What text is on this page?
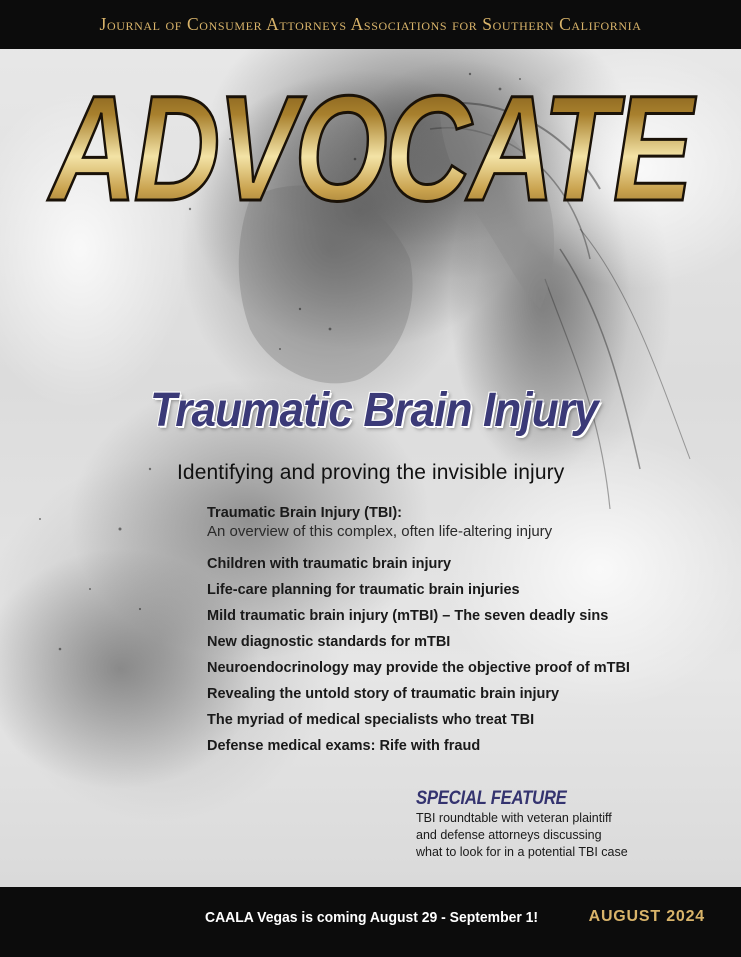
Journal of Consumer Attorneys Associations for Southern California
ADVOCATE
Traumatic Brain Injury
Identifying and proving the invisible injury
Traumatic Brain Injury (TBI):
An overview of this complex, often life-altering injury
Children with traumatic brain injury
Life-care planning for traumatic brain injuries
Mild traumatic brain injury (mTBI) – The seven deadly sins
New diagnostic standards for mTBI
Neuroendocrinology may provide the objective proof of mTBI
Revealing the untold story of traumatic brain injury
The myriad of medical specialists who treat TBI
Defense medical exams: Rife with fraud
SPECIAL FEATURE
TBI roundtable with veteran plaintiff
and defense attorneys discussing
what to look for in a potential TBI case
CAALA Vegas is coming August 29 - September 1!	AUGUST 2024
